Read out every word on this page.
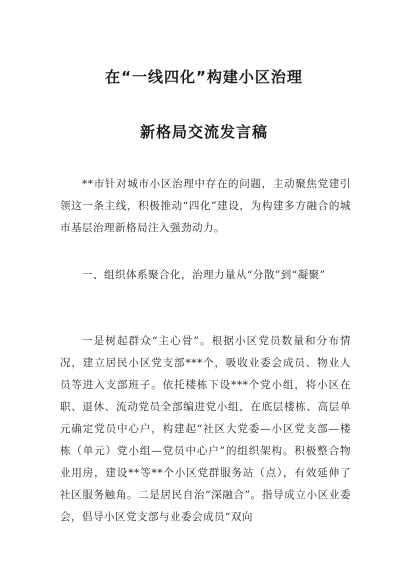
在“一线四化”构建小区治理
新格局交流发言稿

**市针对城市小区治理中存在的问题，主动聚焦党建引领这一条主线，积极推动“四化”建设，为构建多方融合的城市基层治理新格局注入强劲动力。

一、组织体系聚合化，治理力量从“分散”到“凝聚”

一是树起群众“主心骨”。根据小区党员数量和分布情况，建立居民小区党支部***个，吸收业委会成员、物业人员等进入支部班子。依托楼栋下设***个党小组，将小区在职、退休、流动党员全部编进党小组，在底层楼栋、高层单元确定党员中心户，构建起“社区大党委—小区党支部—楼栋（单元）党小组—党员中心户”的组织架构。积极整合物业用房，建设**等**个小区党群服务站（点），有效延伸了社区服务触角。二是居民自治“深融合”。指导成立小区业委会，倡导小区党支部与业委会成员“双向
